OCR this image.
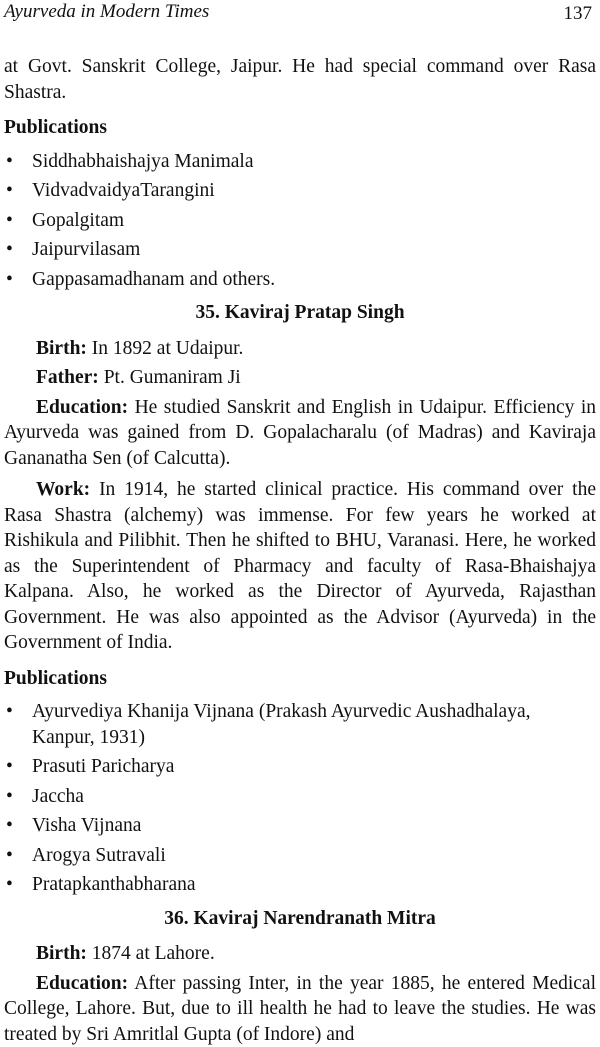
Ayurveda in Modern Times	137

at Govt. Sanskrit College, Jaipur. He had special command over Rasa Shastra.

Publications
• Siddhabhaishajya Manimala
• VidvadvaidyaTarangini
• Gopalgitam
• Jaipurvilasam
• Gappasamadhanam and others.
35. Kaviraj Pratap Singh

Birth: In 1892 at Udaipur.

Father: Pt. Gumaniram Ji

Education: He studied Sanskrit and English in Udaipur. Efficiency in Ayurveda was gained from D. Gopalacharalu (of Madras) and Kaviraja Gananatha Sen (of Calcutta).

Work: In 1914, he started clinical practice. His command over the Rasa Shastra (alchemy) was immense. For few years he worked at Rishikula and Pilibhit. Then he shifted to BHU, Varanasi. Here, he worked as the Superintendent of Pharmacy and faculty of Rasa-Bhaishajya Kalpana. Also, he worked as the Director of Ayurveda, Rajasthan Government. He was also appointed as the Advisor (Ayurveda) in the Government of India.

Publications
• Ayurvediya Khanija Vijnana (Prakash Ayurvedic Aushadhalaya, Kanpur, 1931)
• Prasuti Paricharya
• Jaccha
• Visha Vijnana
• Arogya Sutravali
• Pratapkanthabharana
36. Kaviraj Narendranath Mitra

Birth: 1874 at Lahore.

Education: After passing Inter, in the year 1885, he entered Medical College, Lahore. But, due to ill health he had to leave the studies. He was treated by Sri Amritlal Gupta (of Indore) and
